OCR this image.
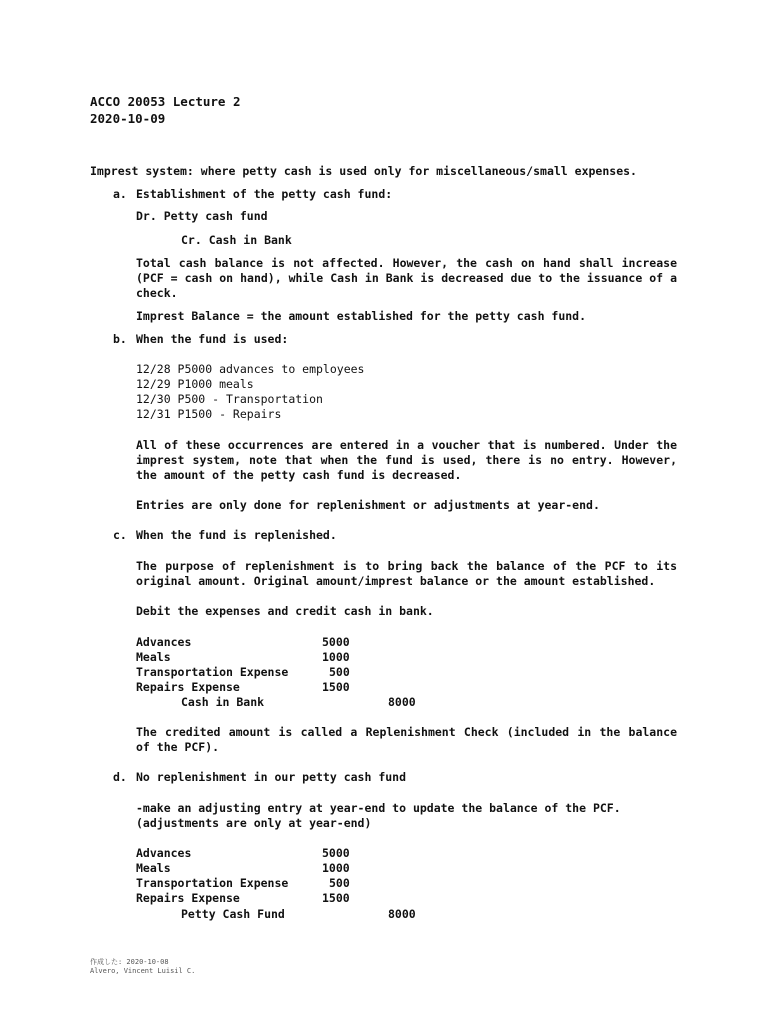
ACCO 20053 Lecture 2
2020-10-09
Imprest system: where petty cash is used only for miscellaneous/small expenses.
a. Establishment of the petty cash fund:
Dr. Petty cash fund
Cr. Cash in Bank
Total cash balance is not affected. However, the cash on hand shall increase (PCF = cash on hand), while Cash in Bank is decreased due to the issuance of a check.
Imprest Balance = the amount established for the petty cash fund.
b. When the fund is used:
12/28 P5000 advances to employees
12/29 P1000 meals
12/30 P500 - Transportation
12/31 P1500 - Repairs
All of these occurrences are entered in a voucher that is numbered. Under the imprest system, note that when the fund is used, there is no entry. However, the amount of the petty cash fund is decreased.
Entries are only done for replenishment or adjustments at year-end.
c. When the fund is replenished.
The purpose of replenishment is to bring back the balance of the PCF to its original amount. Original amount/imprest balance or the amount established.
Debit the expenses and credit cash in bank.
Advances	5000
Meals	1000
Transportation Expense	500
Repairs Expense	1500
Cash in Bank	8000
The credited amount is called a Replenishment Check (included in the balance of the PCF).
d. No replenishment in our petty cash fund
-make an adjusting entry at year-end to update the balance of the PCF.
(adjustments are only at year-end)
Advances	5000
Meals	1000
Transportation Expense	500
Repairs Expense	1500
Petty Cash Fund	8000
作成した: 2020-10-08
Alvero, Vincent Luisil C.
